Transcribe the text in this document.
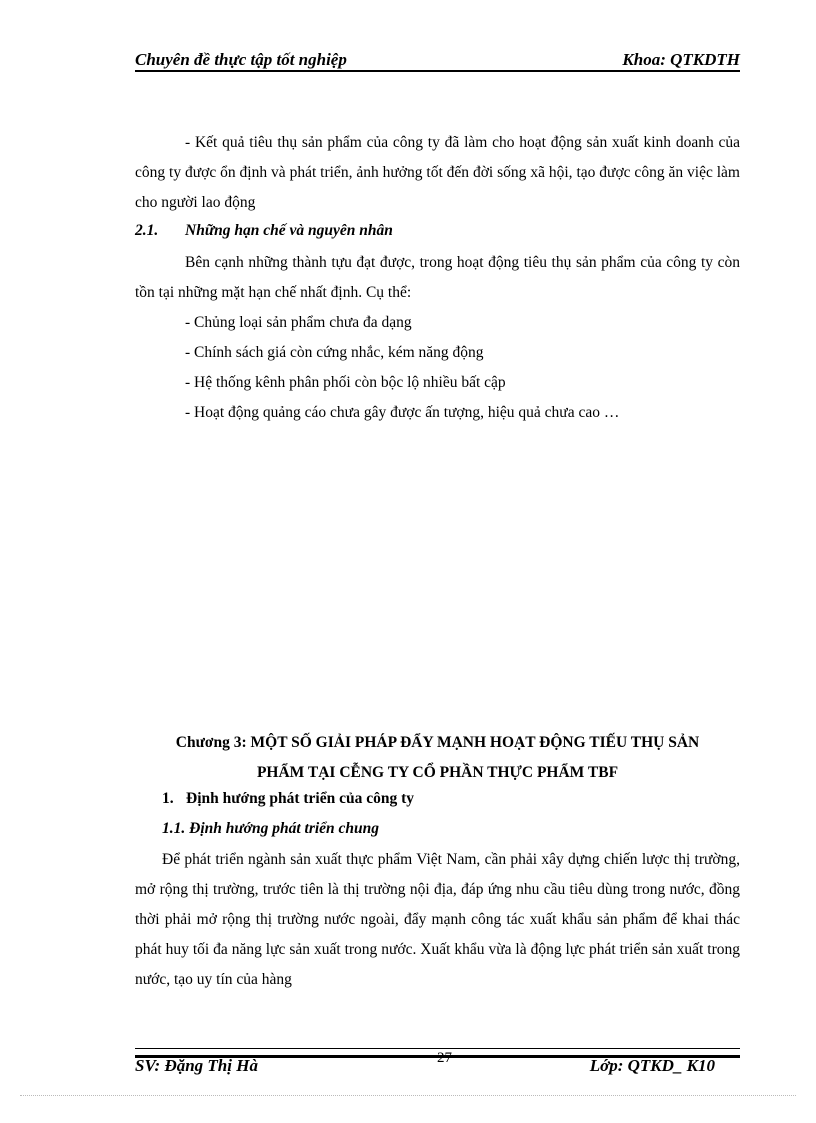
Chuyên đề thực tập tốt nghiệp	Khoa: QTKDTH

- Kết quả tiêu thụ sản phẩm của công ty đã làm cho hoạt động sản xuất kinh doanh của công ty được ổn định và phát triển, ảnh hưởng tốt đến đời sống xã hội, tạo được công ăn việc làm cho người lao động

2.1. Những hạn chế và nguyên nhân

Bên cạnh những thành tựu đạt được, trong hoạt động tiêu thụ sản phẩm của công ty còn tồn tại những mặt hạn chế nhất định. Cụ thể:

- Chủng loại sản phẩm chưa đa dạng
- Chính sách giá còn cứng nhắc, kém năng động
- Hệ thống kênh phân phối còn bộc lộ nhiều bất cập
- Hoạt động quảng cáo chưa gây được ấn tượng, hiệu quả chưa cao …
Chương 3: MỘT SỐ GIẢI PHÁP ĐẨY MẠNH HOẠT ĐỘNG TIẾU THỤ SẢN
PHẨM TẠI CỄNG TY CỔ PHẦN THỰC PHẨM TBF
1. Định hướng phát triển của công ty
1.1. Định hướng phát triển chung

Để phát triển ngành sản xuất thực phẩm Việt Nam, cần phải xây dựng chiến lược thị trường, mở rộng thị trường, trước tiên là thị trường nội địa, đáp ứng nhu cầu tiêu dùng trong nước, đồng thời phải mở rộng thị trường nước ngoài, đẩy mạnh công tác xuất khẩu sản phẩm để khai thác phát huy tối đa năng lực sản xuất trong nước. Xuất khẩu vừa là động lực phát triển sản xuất trong nước, tạo uy tín của hàng

SV: Đặng Thị Hà	27	Lớp: QTKD_ K10
